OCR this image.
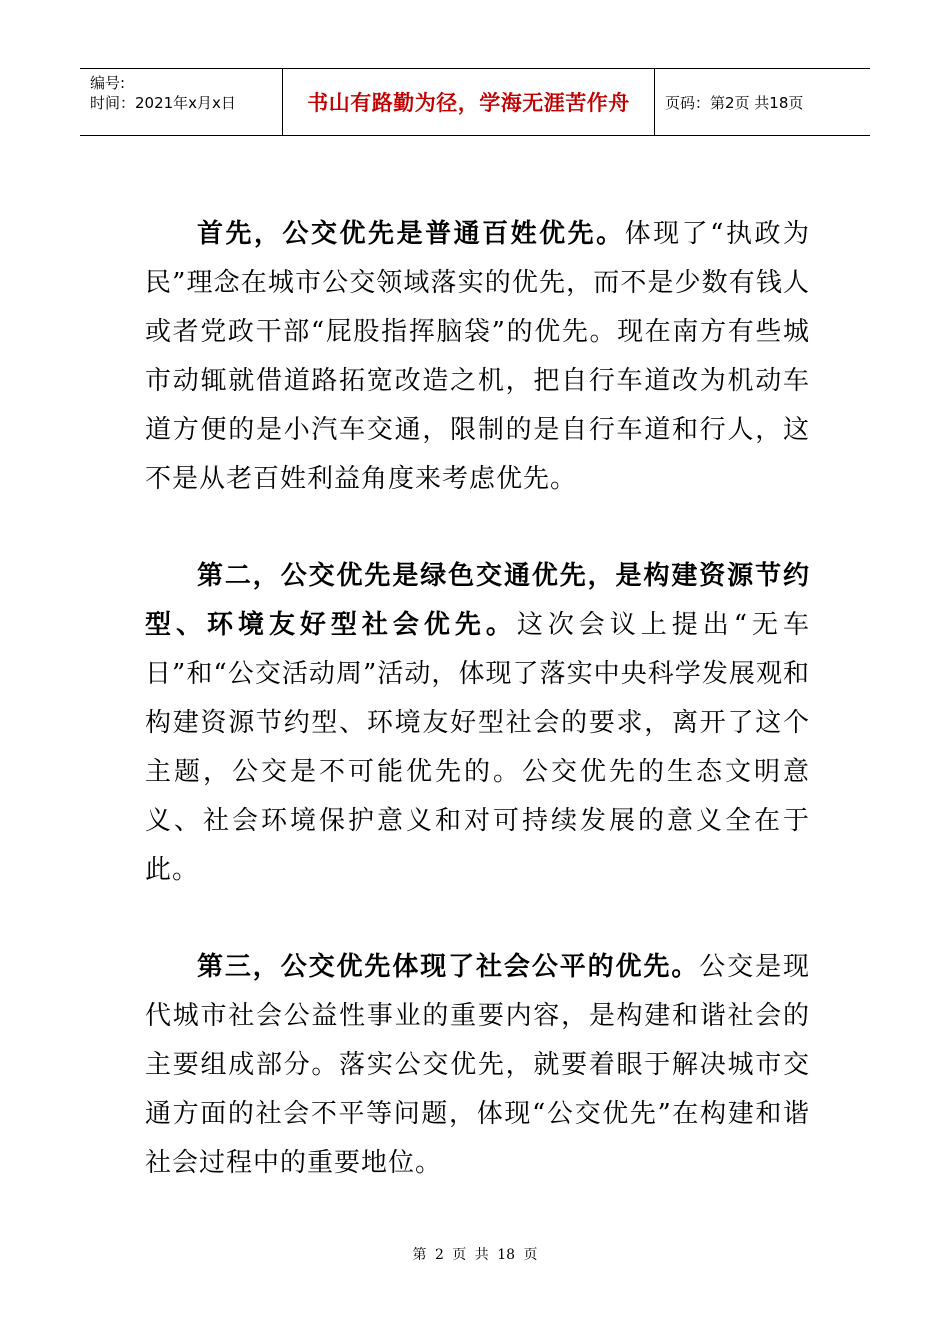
编号:
时间：2021年x月x日	书山有路勤为径，学海无涯苦作舟 页码：第2页 共18页

首先，公交优先是普通百姓优先。体现了“执政为民”理念在城市公交领域落实的优先，而不是少数有钱人或者党政干部“屁股指挥脑袋”的优先。现在南方有些城市动辄就借道路拓宽改造之机，把自行车道改为机动车道方便的是小汽车交通，限制的是自行车道和行人，这不是从老百姓利益角度来考虑优先。

第二，公交优先是绿色交通优先，是构建资源节约型、环境友好型社会优先。这次会议上提出“无车日”和“公交活动周”活动，体现了落实中央科学发展观和构建资源节约型、环境友好型社会的要求，离开了这个主题，公交是不可能优先的。公交优先的生态文明意义、社会环境保护意义和对可持续发展的意义全在于此。

第三，公交优先体现了社会公平的优先。公交是现代城市社会公益性事业的重要内容，是构建和谐社会的主要组成部分。落实公交优先，就要着眼于解决城市交通方面的社会不平等问题，体现“公交优先”在构建和谐社会过程中的重要地位。

第 2 页 共 18 页
